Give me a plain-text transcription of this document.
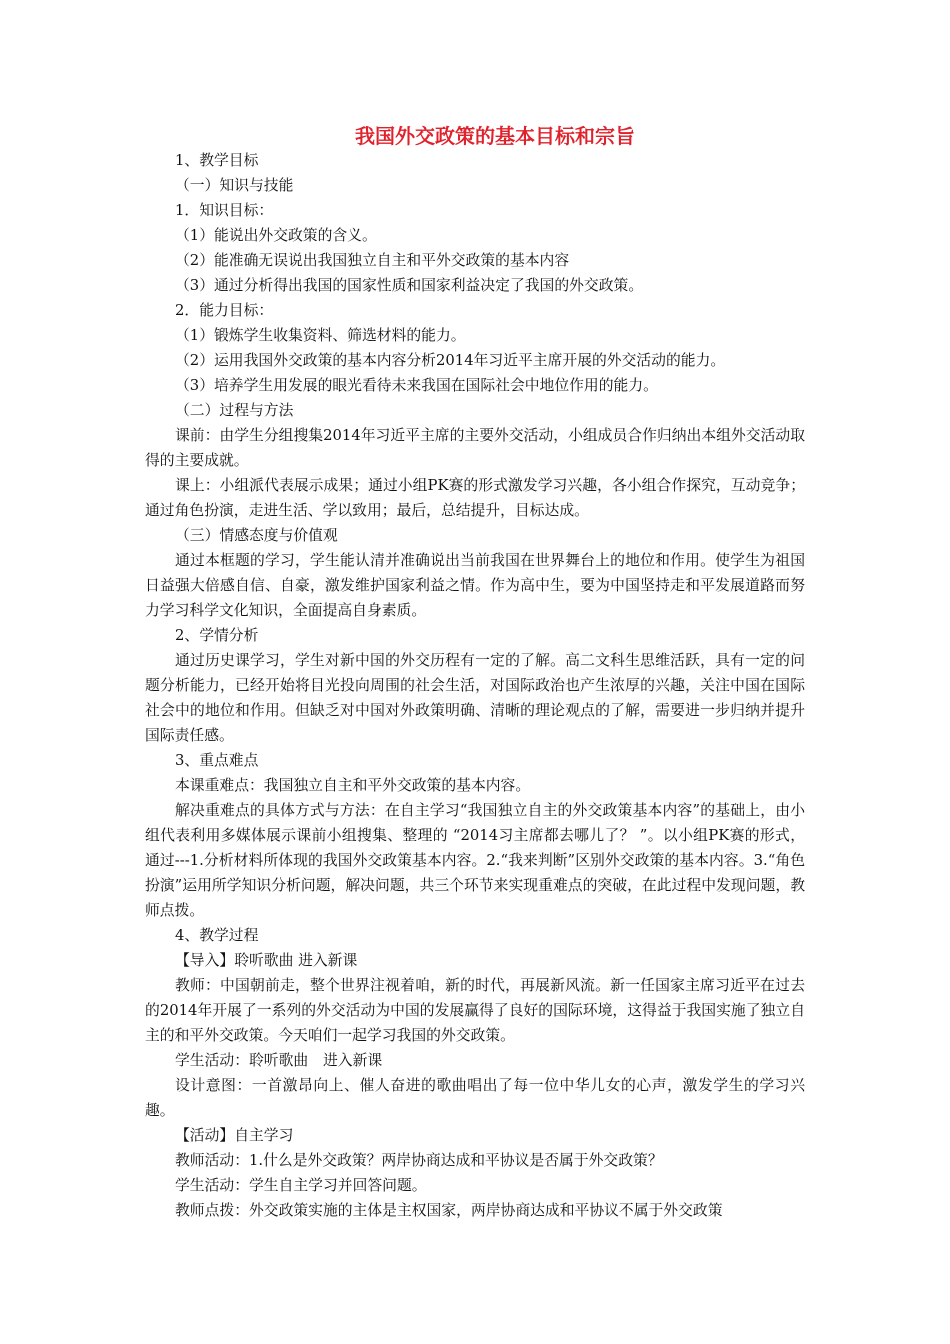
我国外交政策的基本目标和宗旨

1、教学目标

（一）知识与技能

1．知识目标：

（1）能说出外交政策的含义。

（2）能准确无误说出我国独立自主和平外交政策的基本内容

（3）通过分析得出我国的国家性质和国家利益决定了我国的外交政策。

2．能力目标：

（1）锻炼学生收集资料、筛选材料的能力。

（2）运用我国外交政策的基本内容分析2014年习近平主席开展的外交活动的能力。

（3）培养学生用发展的眼光看待未来我国在国际社会中地位作用的能力。

（二）过程与方法

课前：由学生分组搜集2014年习近平主席的主要外交活动，小组成员合作归纳出本组外交活动取得的主要成就。

课上：小组派代表展示成果；通过小组PK赛的形式激发学习兴趣，各小组合作探究，互动竞争；通过角色扮演，走进生活、学以致用；最后，总结提升，目标达成。

（三）情感态度与价值观

通过本框题的学习，学生能认清并准确说出当前我国在世界舞台上的地位和作用。使学生为祖国日益强大倍感自信、自豪，激发维护国家利益之情。作为高中生，要为中国坚持走和平发展道路而努力学习科学文化知识，全面提高自身素质。

2、学情分析

通过历史课学习，学生对新中国的外交历程有一定的了解。高二文科生思维活跃，具有一定的问题分析能力，已经开始将目光投向周围的社会生活，对国际政治也产生浓厚的兴趣，关注中国在国际社会中的地位和作用。但缺乏对中国对外政策明确、清晰的理论观点的了解，需要进一步归纳并提升国际责任感。

3、重点难点

本课重难点：我国独立自主和平外交政策的基本内容。

解决重难点的具体方式与方法：在自主学习“我国独立自主的外交政策基本内容”的基础上，由小组代表利用多媒体展示课前小组搜集、整理的 “2014习主席都去哪儿了？ ”。以小组PK赛的形式，通过---1.分析材料所体现的我国外交政策基本内容。2.“我来判断”区别外交政策的基本内容。3.“角色扮演”运用所学知识分析问题，解决问题，共三个环节来实现重难点的突破，在此过程中发现问题，教师点拨。

4、教学过程

【导入】聆听歌曲 进入新课

教师：中国朝前走，整个世界注视着咱，新的时代，再展新风流。新一任国家主席习近平在过去的2014年开展了一系列的外交活动为中国的发展赢得了良好的国际环境，这得益于我国实施了独立自主的和平外交政策。今天咱们一起学习我国的外交政策。

学生活动：聆听歌曲　进入新课

设计意图：一首激昂向上、催人奋进的歌曲唱出了每一位中华儿女的心声，激发学生的学习兴趣。

【活动】自主学习

教师活动：1.什么是外交政策？两岸协商达成和平协议是否属于外交政策？

学生活动：学生自主学习并回答问题。

教师点拨：外交政策实施的主体是主权国家，两岸协商达成和平协议不属于外交政策
